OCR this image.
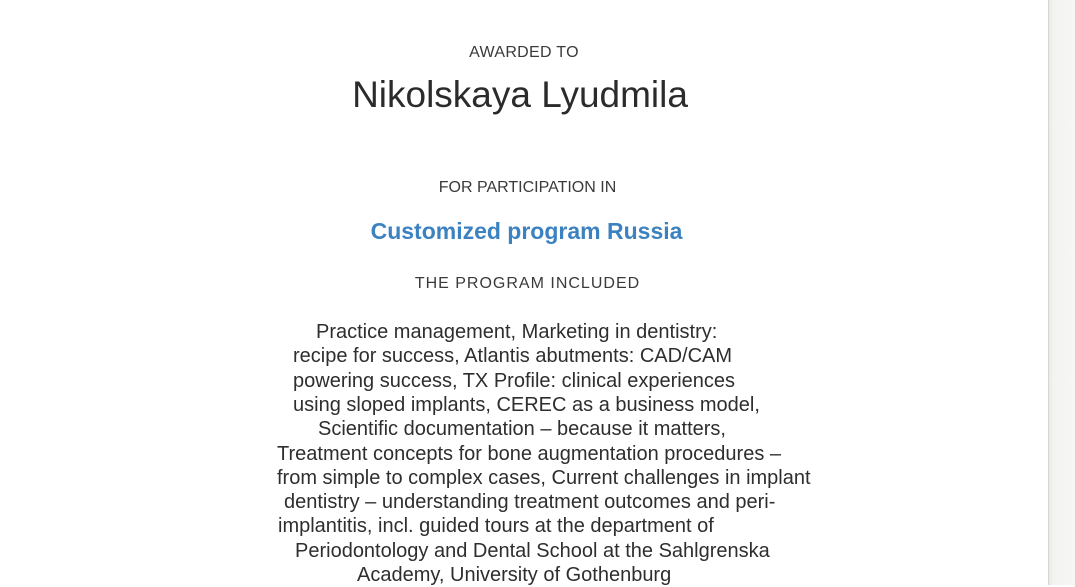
AWARDED TO
Nikolskaya Lyudmila
FOR PARTICIPATION IN
Customized program Russia
THE PROGRAM INCLUDED
Practice management, Marketing in dentistry:
recipe for success, Atlantis abutments: CAD/CAM
powering success, TX Profile: clinical experiences
using sloped implants, CEREC as a business model,
Scientific documentation – because it matters,
Treatment concepts for bone augmentation procedures –
from simple to complex cases, Current challenges in implant
dentistry – understanding treatment outcomes and peri-
implantitis, incl. guided tours at the department of
Periodontology and Dental School at the Sahlgrenska
Academy, University of Gothenburg
